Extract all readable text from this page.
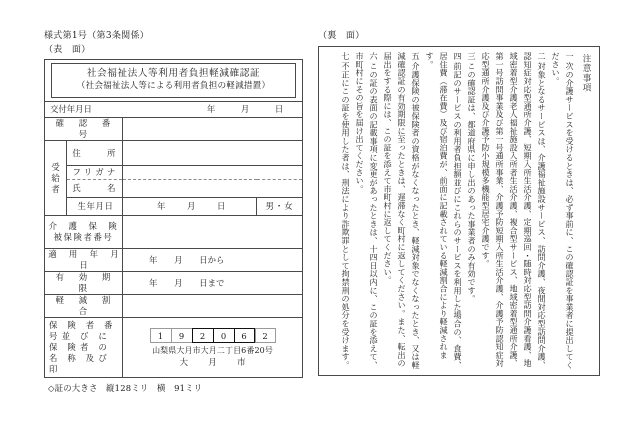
様式第1号（第3条関係）
（表　面）
社会福祉法人等利用者負担軽減確認証
（社会福祉法人等による利用者負担の軽減措置）			

交付年月日 年 月 日			

確　認　番　号			

受
給
者	住　　所		
	フリガナ		
	氏　　名		
	生年月日	年 月 日	男・女
介　護　保　険 被保険者番号			
適　用　年　月　日		年　　月　　日から	
有　効　期　限		年　　月　　日まで	
軽　減　割　合			
保　険　者　番　号 並　び　に　保　険 者　の　名　称　及 び　印	
1	9	2	0	6	2
山梨県大月市大月二丁目6番20号
大　月　市
◇証の大きさ　縦128ミリ　横　91ミリ
（裏　面）
注意事項
一次の介護サービスを受けるときは、必ず事前に、この確認証を事業者に提出してください。
二対象となるサービスは、介護福祉施設サービス、訪問介護、夜間対応型訪問介護、認知症対応型通所介護、短期入所生活介護、定期巡回・随時対応型訪問介護看護、地域密着型介護老人福祉施設入所者生活介護、複合型サービス、地域密着型通所介護、第一号訪問事業及び第一号通所事業、介護予防短期入所生活介護、介護予防認知症対応型通所介護及び介護予防小規模多機能型居宅介護です。
三この確認証は、都道府県に申し出のあった事業者のみ有効です。
四前記のサービスの利用者負担額並びにこれらのサービスを利用した場合の、食費、居住費（滞在費）及び宿泊費が、前面に記載されている軽減割合により軽減されます。
五介護保険の被保険者の資格がなくなったとき、軽減対象でなくなったとき、又は軽減確認証の有効期限に至ったときは、遅滞なく町村に返してください。また、転出の届出をする際には、この証を添えて市町村に返してください。
六この証の表面の記載事項に変更があったときは、十四日以内に、この証を添えて、市町村にその旨を届け出てください。
七不正にこの証を使用した者は、刑法により詐欺罪として拘禁刑の処分を受けます。
